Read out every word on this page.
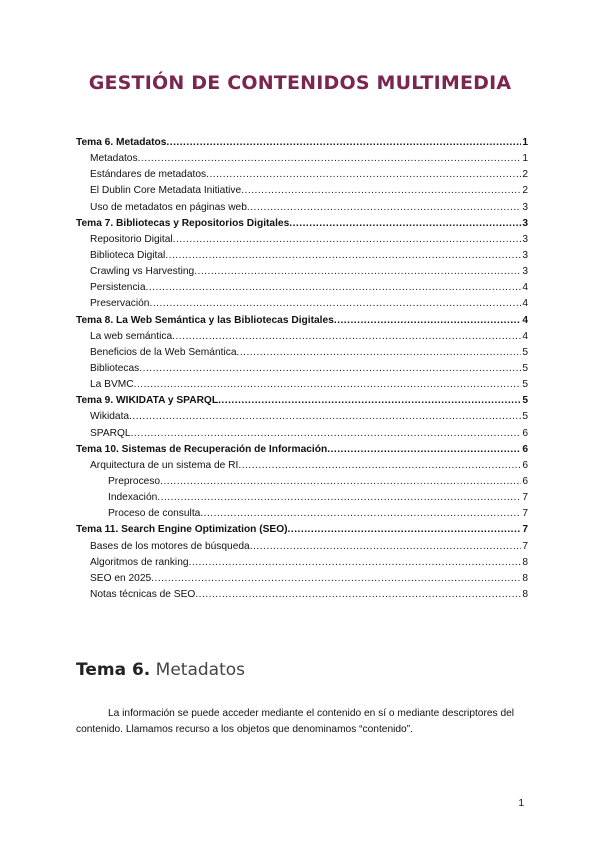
GESTIÓN DE CONTENIDOS MULTIMEDIA
Tema 6. Metadatos .....	1
Metadatos .....	1
Estándares de metadatos .....	2
El Dublin Core Metadata Initiative .....	2
Uso de metadatos en páginas web .....	3
Tema 7. Bibliotecas y Repositorios Digitales .....	3
Repositorio Digital .....	3
Biblioteca Digital .....	3
Crawling vs Harvesting .....	3
Persistencia .....	4
Preservación .....	4
Tema 8. La Web Semántica y las Bibliotecas Digitales .....	4
La web semántica .....	4
Beneficios de la Web Semántica .....	5
Bibliotecas .....	5
La BVMC .....	5
Tema 9. WIKIDATA y SPARQL .....	5
Wikidata .....	5
SPARQL .....	6
Tema 10. Sistemas de Recuperación de Información .....	6
Arquitectura de un sistema de RI .....	6
Preproceso .....	6
Indexación .....	7
Proceso de consulta .....	7
Tema 11. Search Engine Optimization (SEO) .....	7
Bases de los motores de búsqueda .....	7
Algoritmos de ranking .....	8
SEO en 2025 .....	8
Notas técnicas de SEO .....	8
Tema 6. Metadatos
La información se puede acceder mediante el contenido en sí o mediante descriptores del contenido. Llamamos recurso a los objetos que denominamos “contenido”.
1
